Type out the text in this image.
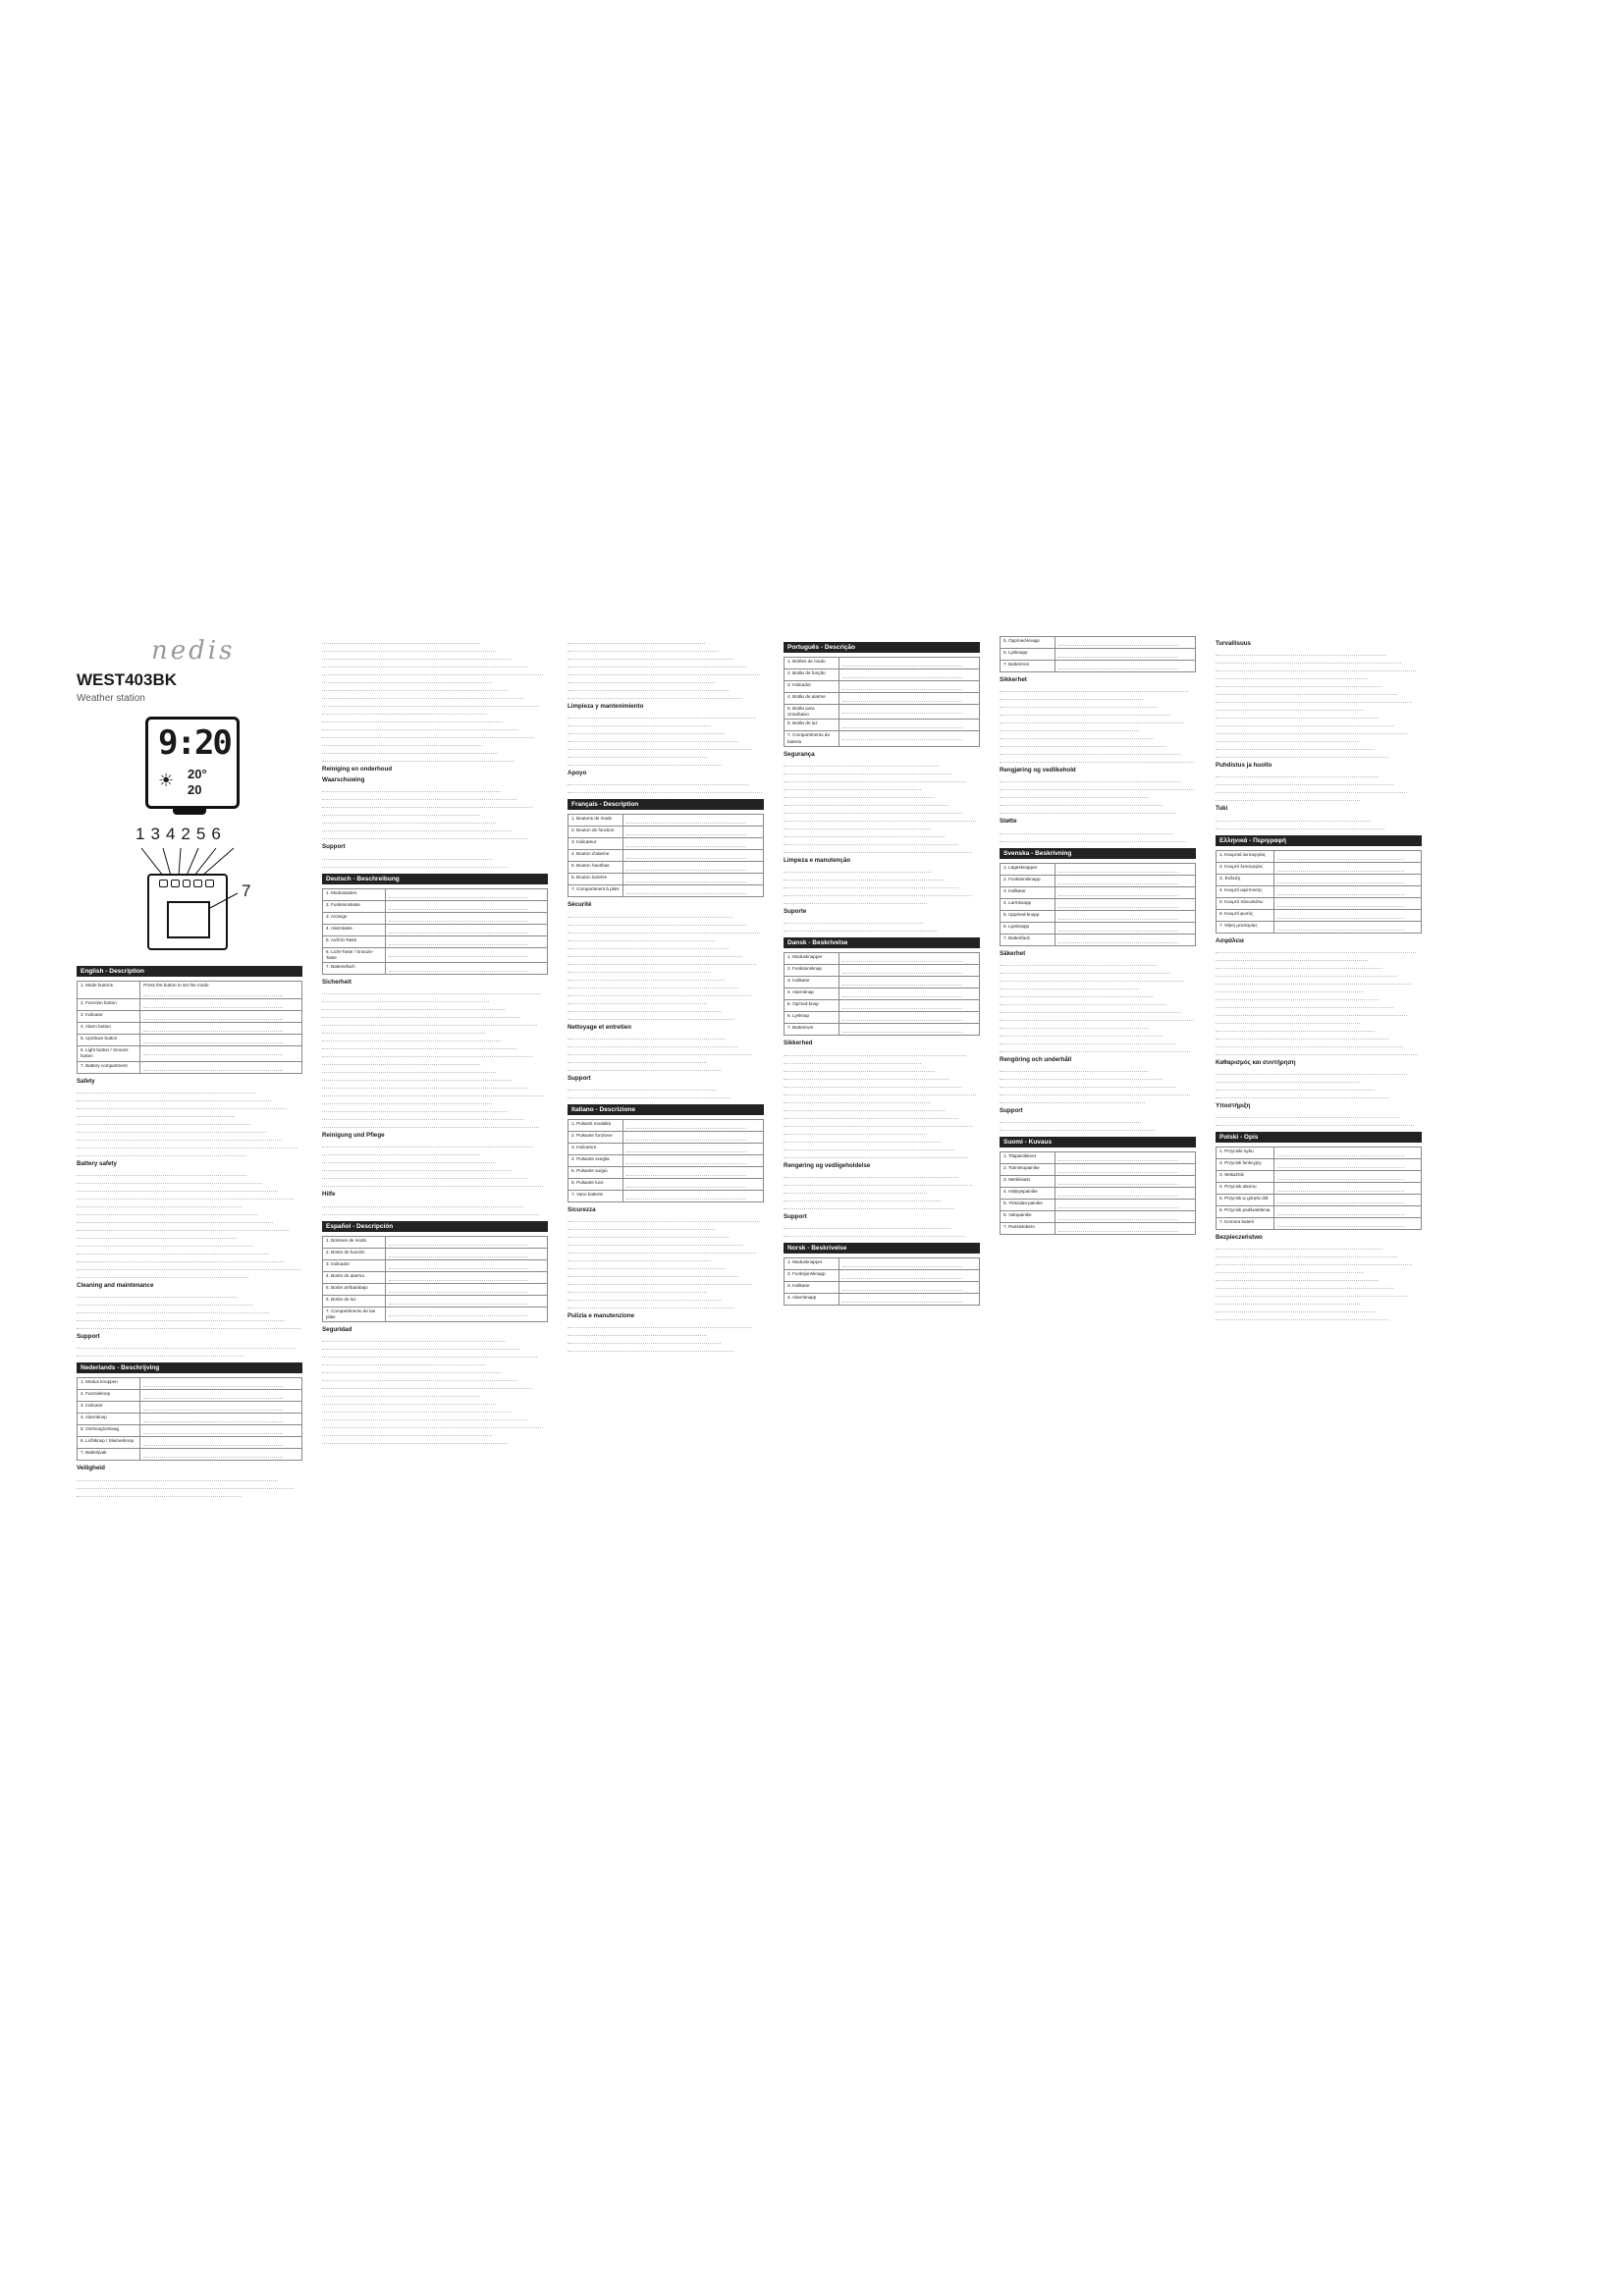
nedis
WEST403BK
Weather station
9:20
☀ 20°
20
134256
7
English - Description
1. Mode buttons	Press the button to set the mode

2. Function button	

3. Indicator	

4. Alarm button	

5. Up/down button	

6. Light button / Snooze button	

7. Battery compartment	
Safety
Battery safety
Cleaning and maintenance
Support
Nederlands - Beschrijving
1. Modus knoppen	

2. Functieknop	

3. Indicator	

4. Alarmknop	

5. Omhoog/omlaag	

6. Lichtknop / Sluimerknop	

7. Batterijvak	
Veiligheid
Reiniging en onderhoud
Waarschuwing
Support
Deutsch - Beschreibung
1. Modustasten	

2. Funktionstaste	

3. Anzeige	

4. Alarmtaste	

5. Auf/Ab-Taste	

6. Licht-Taste / Snooze-Taste	

7. Batteriefach	
Sicherheit
Reinigung und Pflege
Hilfe
Español - Descripción
1. Botones de modo	

2. Botón de función	

3. Indicador	

4. Botón de alarma	

5. Botón arriba/abajo	

6. Botón de luz	

7. Compartimento de las pilas	
Seguridad
Limpieza y mantenimiento
Apoyo
Français - Description
1. Boutons de mode	

2. Bouton de fonction	

3. Indicateur	

4. Bouton d'alarme	

5. Bouton haut/bas	

6. Bouton lumière	

7. Compartiment à piles	
Sécurité
Nettoyage et entretien
Support
Italiano - Descrizione
1. Pulsanti modalità	

2. Pulsante funzione	

3. Indicatore	

4. Pulsante sveglia	

5. Pulsante su/giù	

6. Pulsante luce	

7. Vano batterie	
Sicurezza
Pulizia e manutenzione
Português - Descrição
1. Botões de modo	

2. Botão de função	

3. Indicador	

4. Botão de alarme	

5. Botão para cima/baixo	

6. Botão de luz	

7. Compartimento da bateria	
Segurança
Limpeza e manutenção
Suporte
Dansk - Beskrivelse
1. Modusknapper	

2. Funktionsknap	

3. Indikator	

4. Alarmknap	

5. Op/ned-knap	

6. Lysknap	

7. Batterirum	
Sikkerhed
Rengøring og vedligeholdelse
Support
Norsk - Beskrivelse
1. Modusknapper	

2. Funksjonsknapp	

3. Indikator	

4. Alarmknapp	
5. Opp/ned-knapp	

6. Lysknapp	

7. Batterirom	
Sikkerhet
Rengjøring og vedlikehold
Støtte
Svenska - Beskrivning
1. Lägesknappar	

2. Funktionsknapp	

3. Indikator	

4. Larmknapp	

5. Upp/ned-knapp	

6. Ljusknapp	

7. Batterifack	
Säkerhet
Rengöring och underhåll
Support
Suomi - Kuvaus
1. Tilapainikkeet	

2. Toimintopainike	

3. Merkkivalo	

4. Hälytyspainike	

5. Ylös/alas-painike	

6. Valopainike	

7. Paristolokero	
Turvallisuus
Puhdistus ja huolto
Tuki
Ελληνικά - Περιγραφή
1. Κουμπιά λειτουργίας	

2. Κουμπί λειτουργίας	

3. Ένδειξη	

4. Κουμπί αφύπνισης	

5. Κουμπί πάνω/κάτω	

6. Κουμπί φωτός	

7. Θήκη μπαταρίας	
Ασφάλεια
Καθαρισμός και συντήρηση
Υποστήριξη
Polski - Opis
1. Przyciski trybu	

2. Przycisk funkcyjny	

3. Wskaźnik	

4. Przycisk alarmu	

5. Przycisk w górę/w dół	

6. Przycisk podświetlenia	

7. Komora baterii	
Bezpieczeństwo
